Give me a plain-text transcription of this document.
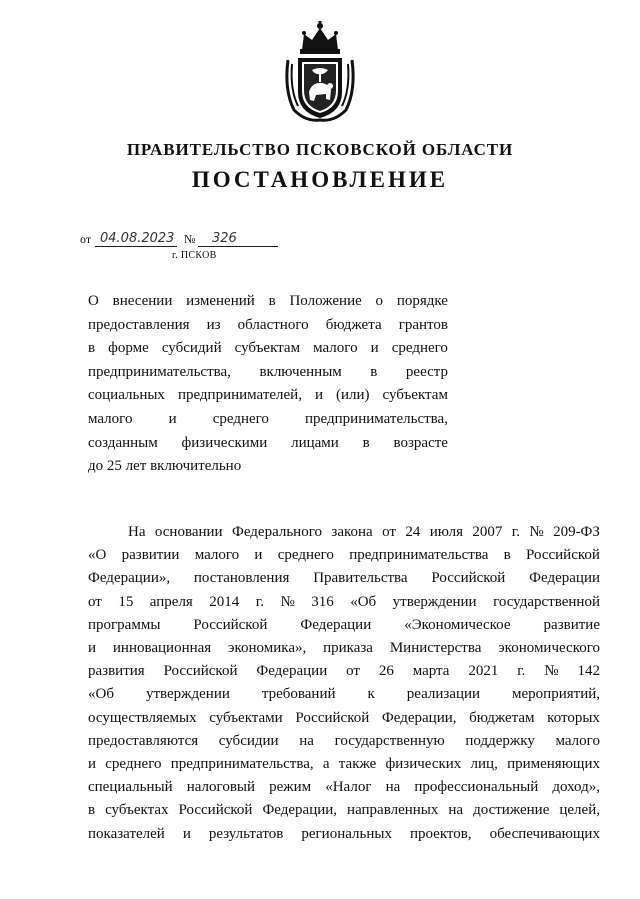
ПРАВИТЕЛЬСТВО ПСКОВСКОЙ ОБЛАСТИ
ПОСТАНОВЛЕНИЕ
от 04.08.2023 № 326
г. ПСКОВ
О внесении изменений в Положение о порядке
предоставления из областного бюджета грантов
в форме субсидий субъектам малого и среднего
предпринимательства, включенным в реестр
социальных предпринимателей, и (или) субъектам
малого и среднего предпринимательства,
созданным физическими лицами в возрасте
до 25 лет включительно
На основании Федерального закона от 24 июля 2007 г. № 209-ФЗ
«О развитии малого и среднего предпринимательства в Российской
Федерации», постановления Правительства Российской Федерации
от 15 апреля 2014 г. № 316 «Об утверждении государственной
программы Российской Федерации «Экономическое развитие
и инновационная экономика», приказа Министерства экономического
развития Российской Федерации от 26 марта 2021 г. № 142
«Об утверждении требований к реализации мероприятий,
осуществляемых субъектами Российской Федерации, бюджетам которых
предоставляются субсидии на государственную поддержку малого
и среднего предпринимательства, а также физических лиц, применяющих
специальный налоговый режим «Налог на профессиональный доход»,
в субъектах Российской Федерации, направленных на достижение целей,
показателей и результатов региональных проектов, обеспечивающих
